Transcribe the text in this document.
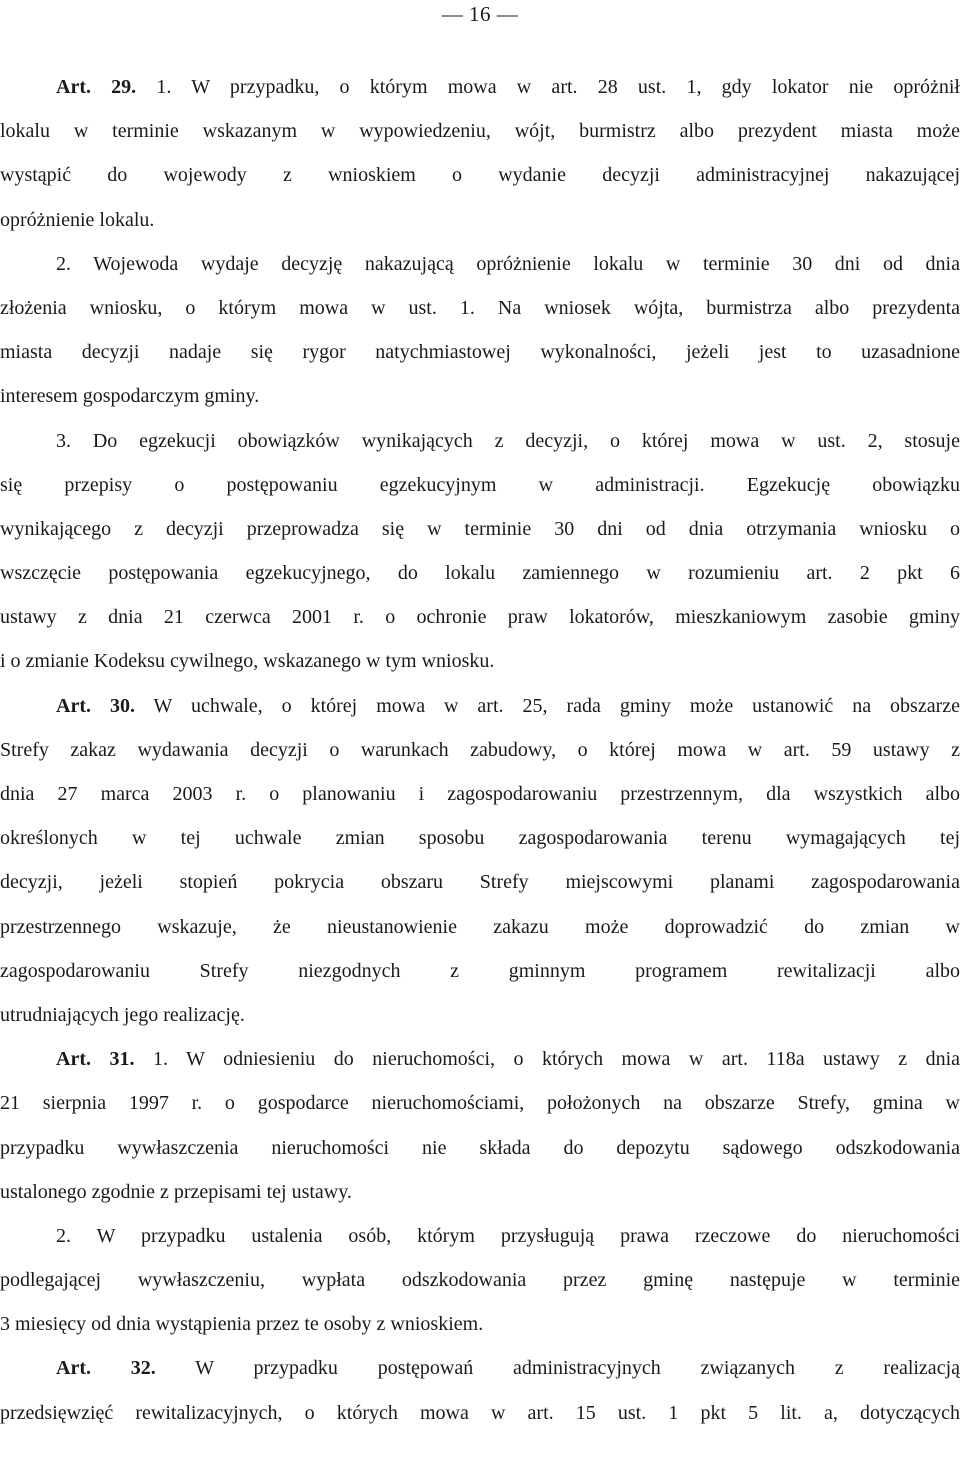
— 16 —
Art. 29. 1. W przypadku, o którym mowa w art. 28 ust. 1, gdy lokator nie opróżnił
lokalu w terminie wskazanym w wypowiedzeniu, wójt, burmistrz albo prezydent miasta może
wystąpić do wojewody z wnioskiem o wydanie decyzji administracyjnej nakazującej
opróżnienie lokalu.
2. Wojewoda wydaje decyzję nakazującą opróżnienie lokalu w terminie 30 dni od dnia
złożenia wniosku, o którym mowa w ust. 1. Na wniosek wójta, burmistrza albo prezydenta
miasta decyzji nadaje się rygor natychmiastowej wykonalności, jeżeli jest to uzasadnione
interesem gospodarczym gminy.
3. Do egzekucji obowiązków wynikających z decyzji, o której mowa w ust. 2, stosuje
się przepisy o postępowaniu egzekucyjnym w administracji. Egzekucję obowiązku
wynikającego z decyzji przeprowadza się w terminie 30 dni od dnia otrzymania wniosku o
wszczęcie postępowania egzekucyjnego, do lokalu zamiennego w rozumieniu art. 2 pkt 6
ustawy z dnia 21 czerwca 2001 r. o ochronie praw lokatorów, mieszkaniowym zasobie gminy
i o zmianie Kodeksu cywilnego, wskazanego w tym wniosku.
Art. 30. W uchwale, o której mowa w art. 25, rada gminy może ustanowić na obszarze
Strefy zakaz wydawania decyzji o warunkach zabudowy, o której mowa w art. 59 ustawy z
dnia 27 marca 2003 r. o planowaniu i zagospodarowaniu przestrzennym, dla wszystkich albo
określonych w tej uchwale zmian sposobu zagospodarowania terenu wymagających tej
decyzji, jeżeli stopień pokrycia obszaru Strefy miejscowymi planami zagospodarowania
przestrzennego wskazuje, że nieustanowienie zakazu może doprowadzić do zmian w
zagospodarowaniu Strefy niezgodnych z gminnym programem rewitalizacji albo
utrudniających jego realizację.
Art. 31. 1. W odniesieniu do nieruchomości, o których mowa w art. 118a ustawy z dnia
21 sierpnia 1997 r. o gospodarce nieruchomościami, położonych na obszarze Strefy, gmina w
przypadku wywłaszczenia nieruchomości nie składa do depozytu sądowego odszkodowania
ustalonego zgodnie z przepisami tej ustawy.
2. W przypadku ustalenia osób, którym przysługują prawa rzeczowe do nieruchomości
podlegającej wywłaszczeniu, wypłata odszkodowania przez gminę następuje w terminie
3 miesięcy od dnia wystąpienia przez te osoby z wnioskiem.
Art. 32. W przypadku postępowań administracyjnych związanych z realizacją
przedsięwzięć rewitalizacyjnych, o których mowa w art. 15 ust. 1 pkt 5 lit. a, dotyczących
